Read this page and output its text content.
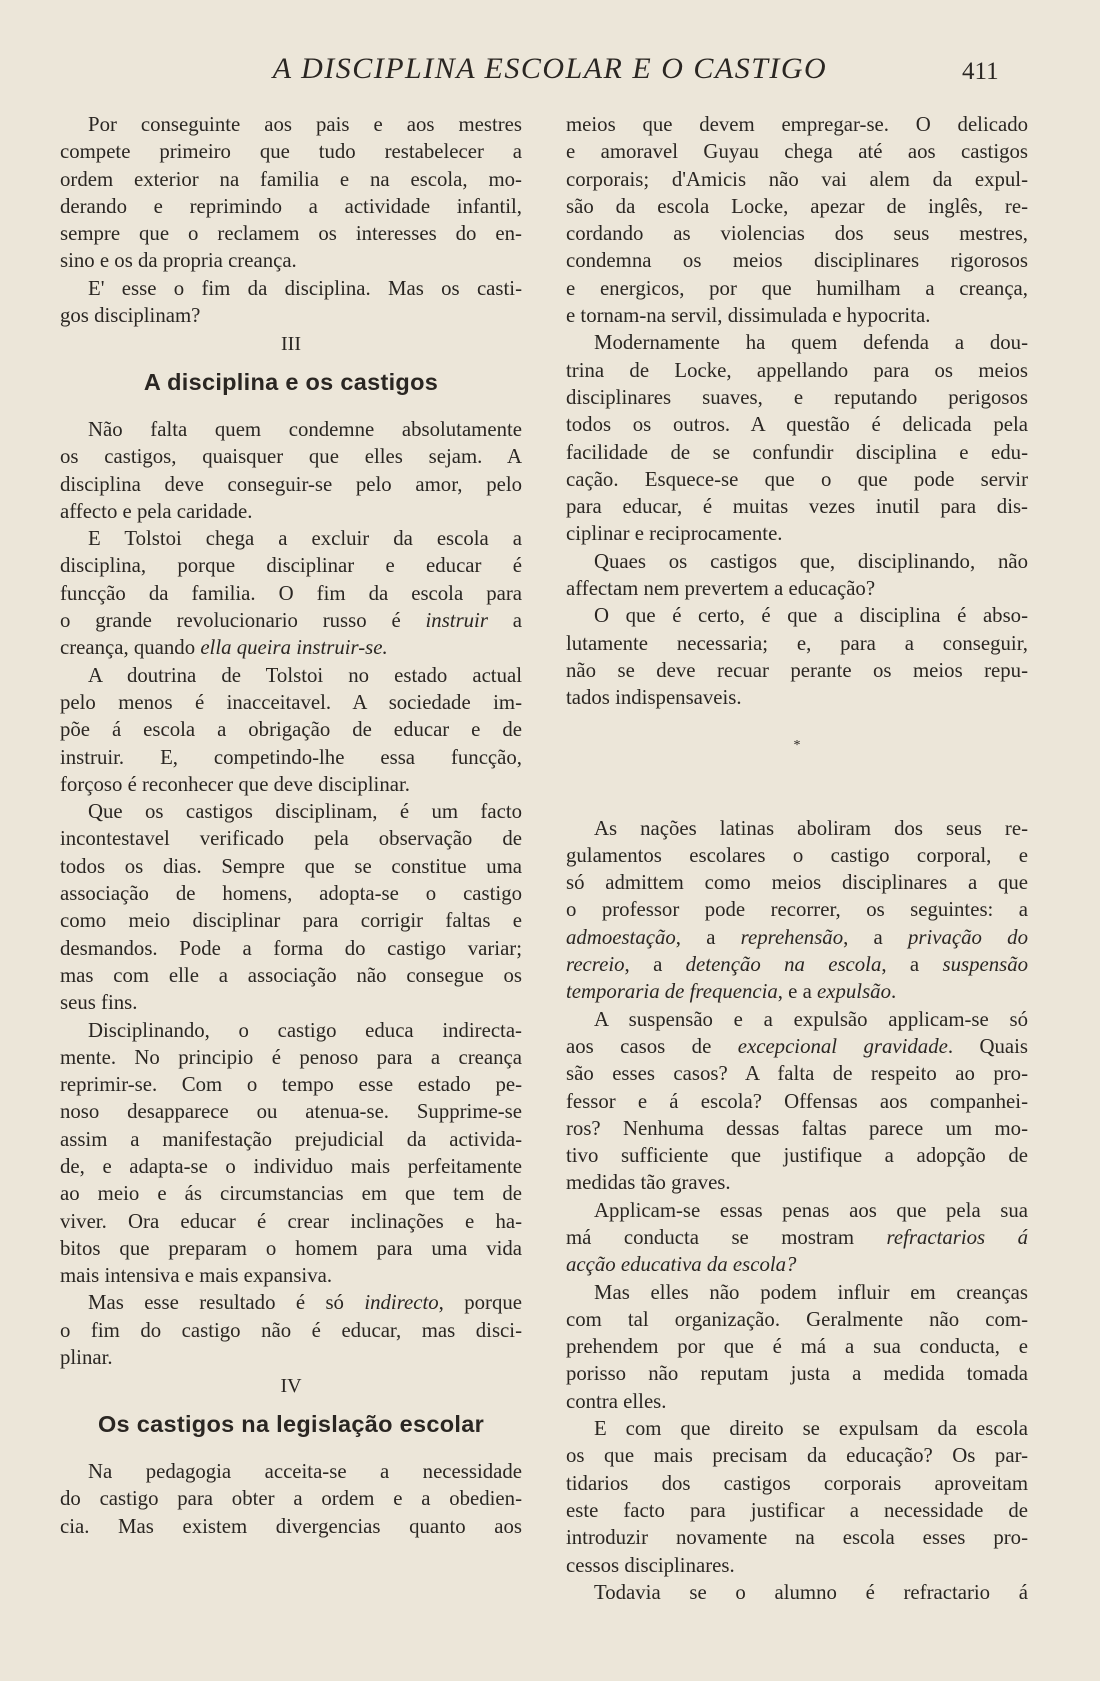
A DISCIPLINA ESCOLAR E O CASTIGO	411
Por conseguinte aos pais e aos mestres
compete primeiro que tudo restabelecer a
ordem exterior na familia e na escola, mo-
derando e reprimindo a actividade infantil,
sempre que o reclamem os interesses do en-
sino e os da propria creança.
E' esse o fim da disciplina. Mas os casti-
gos disciplinam?
III
A disciplina e os castigos
Não falta quem condemne absolutamente
os castigos, quaisquer que elles sejam. A
disciplina deve conseguir-se pelo amor, pelo
affecto e pela caridade.
E Tolstoi chega a excluir da escola a
disciplina, porque disciplinar e educar é
funcção da familia. O fim da escola para
o grande revolucionario russo é instruir a
creança, quando ella queira instruir-se.
A doutrina de Tolstoi no estado actual
pelo menos é inacceitavel. A sociedade im-
põe á escola a obrigação de educar e de
instruir. E, competindo-lhe essa funcção,
forçoso é reconhecer que deve disciplinar.
Que os castigos disciplinam, é um facto
incontestavel verificado pela observação de
todos os dias. Sempre que se constitue uma
associação de homens, adopta-se o castigo
como meio disciplinar para corrigir faltas e
desmandos. Pode a forma do castigo variar;
mas com elle a associação não consegue os
seus fins.
Disciplinando, o castigo educa indirecta-
mente. No principio é penoso para a creança
reprimir-se. Com o tempo esse estado pe-
noso desapparece ou atenua-se. Supprime-se
assim a manifestação prejudicial da activida-
de, e adapta-se o individuo mais perfeitamente
ao meio e ás circumstancias em que tem de
viver. Ora educar é crear inclinações e ha-
bitos que preparam o homem para uma vida
mais intensiva e mais expansiva.
Mas esse resultado é só indirecto, porque
o fim do castigo não é educar, mas disci-
plinar.
IV
Os castigos na legislação escolar
Na pedagogia acceita-se a necessidade
do castigo para obter a ordem e a obedien-
cia. Mas existem divergencias quanto aos
meios que devem empregar-se. O delicado
e amoravel Guyau chega até aos castigos
corporais; d'Amicis não vai alem da expul-
são da escola Locke, apezar de inglês, re-
cordando as violencias dos seus mestres,
condemna os meios disciplinares rigorosos
e energicos, por que humilham a creança,
e tornam-na servil, dissimulada e hypocrita.
Modernamente ha quem defenda a dou-
trina de Locke, appellando para os meios
disciplinares suaves, e reputando perigosos
todos os outros. A questão é delicada pela
facilidade de se confundir disciplina e edu-
cação. Esquece-se que o que pode servir
para educar, é muitas vezes inutil para dis-
ciplinar e reciprocamente.
Quaes os castigos que, disciplinando, não
affectam nem prevertem a educação?
O que é certo, é que a disciplina é abso-
lutamente necessaria; e, para a conseguir,
não se deve recuar perante os meios repu-
tados indispensaveis.
*
As nações latinas aboliram dos seus re-
gulamentos escolares o castigo corporal, e
só admittem como meios disciplinares a que
o professor pode recorrer, os seguintes: a
admoestação, a reprehensão, a privação do
recreio, a detenção na escola, a suspensão
temporaria de frequencia, e a expulsão.
A suspensão e a expulsão applicam-se só
aos casos de excepcional gravidade. Quais
são esses casos? A falta de respeito ao pro-
fessor e á escola? Offensas aos companhei-
ros? Nenhuma dessas faltas parece um mo-
tivo sufficiente que justifique a adopção de
medidas tão graves.
Applicam-se essas penas aos que pela sua
má conducta se mostram refractarios á
acção educativa da escola?
Mas elles não podem influir em creanças
com tal organização. Geralmente não com-
prehendem por que é má a sua conducta, e
porisso não reputam justa a medida tomada
contra elles.
E com que direito se expulsam da escola
os que mais precisam da educação? Os par-
tidarios dos castigos corporais aproveitam
este facto para justificar a necessidade de
introduzir novamente na escola esses pro-
cessos disciplinares.
Todavia se o alumno é refractario á
